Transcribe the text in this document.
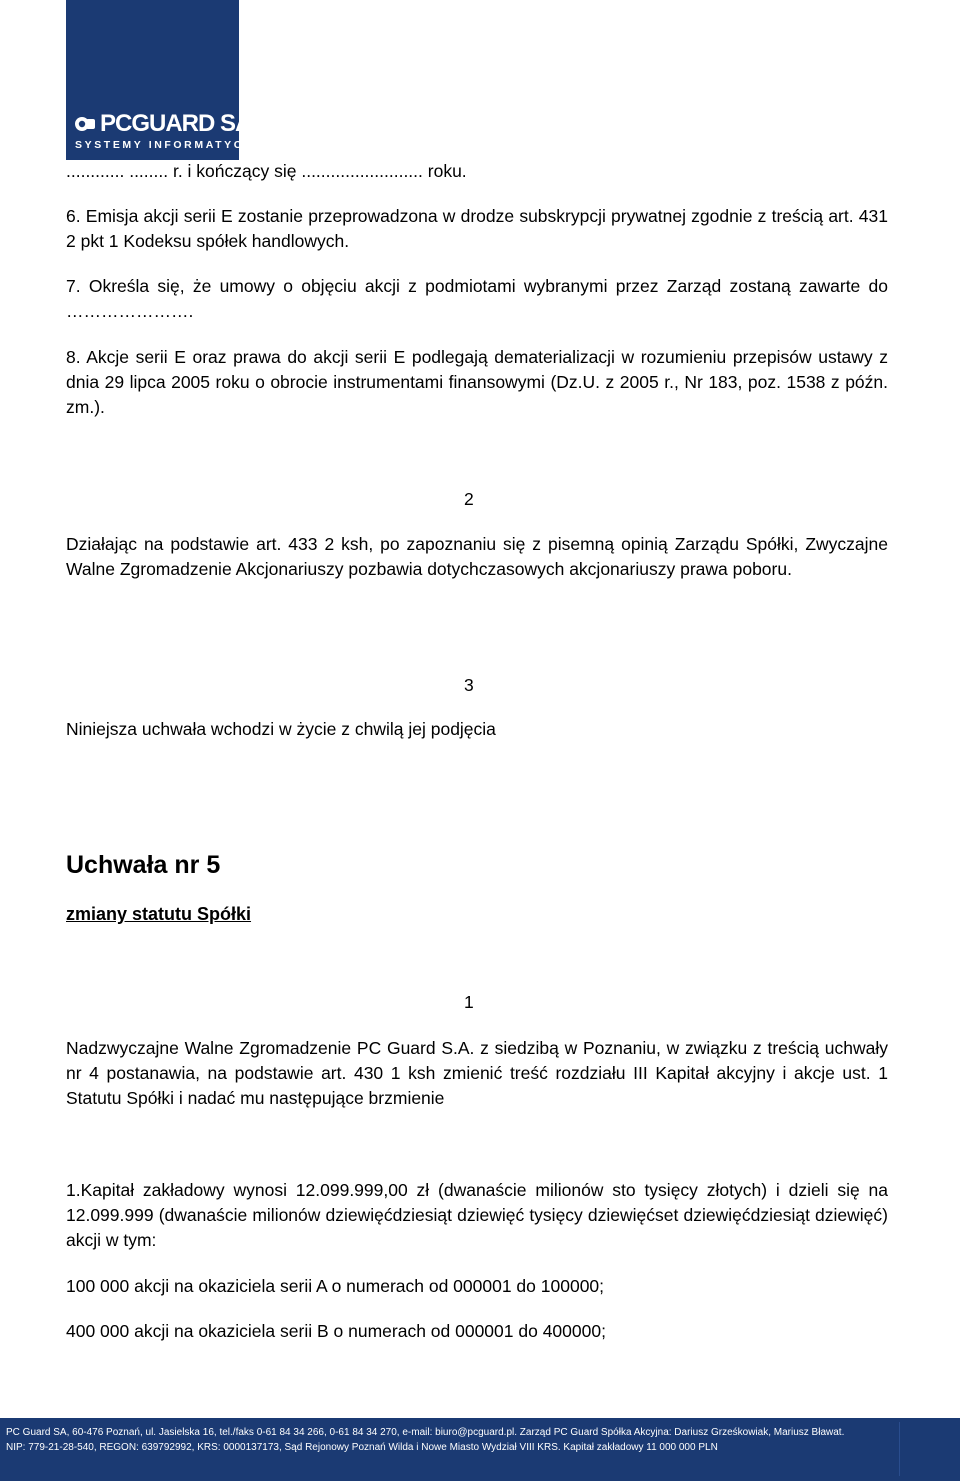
PCGUARD SA
SYSTEMY INFORMATYCZNE

............ ........ r. i kończący się ......................... roku.

6. Emisja akcji serii E zostanie przeprowadzona w drodze subskrypcji prywatnej zgodnie z treścią art. 431 2 pkt 1 Kodeksu spółek handlowych.

7. Określa się, że umowy o objęciu akcji z podmiotami wybranymi przez Zarząd zostaną zawarte do ………………….

8. Akcje serii E oraz prawa do akcji serii E podlegają dematerializacji w rozumieniu przepisów ustawy z dnia 29 lipca 2005 roku o obrocie instrumentami finansowymi (Dz.U. z 2005 r., Nr 183, poz. 1538 z późn. zm.).

2

Działając na podstawie art. 433 2 ksh, po zapoznaniu się z pisemną opinią Zarządu Spółki, Zwyczajne Walne Zgromadzenie Akcjonariuszy pozbawia dotychczasowych akcjonariuszy prawa poboru.

3

Niniejsza uchwała wchodzi w życie z chwilą jej podjęcia

Uchwała nr 5

zmiany statutu Spółki

1

Nadzwyczajne Walne Zgromadzenie PC Guard S.A. z siedzibą w Poznaniu, w związku z treścią uchwały nr 4 postanawia, na podstawie art. 430 1 ksh zmienić treść rozdziału III Kapitał akcyjny i akcje ust. 1 Statutu Spółki i nadać mu następujące brzmienie

1.Kapitał zakładowy wynosi 12.099.999,00 zł (dwanaście milionów sto tysięcy złotych) i dzieli się na 12.099.999 (dwanaście milionów dziewięćdziesiąt dziewięć tysięcy dziewięćset dziewięćdziesiąt dziewięć) akcji w tym:

100 000 akcji na okaziciela serii A o numerach od 000001 do 100000;

400 000 akcji na okaziciela serii B o numerach od 000001 do 400000;

PC Guard SA, 60-476 Poznań, ul. Jasielska 16, tel./faks 0-61 84 34 266, 0-61 84 34 270, e-mail: biuro@pcguard.pl. Zarząd PC Guard Spółka Akcyjna: Dariusz Grześkowiak, Mariusz Bławat.
NIP: 779-21-28-540, REGON: 639792992, KRS: 0000137173, Sąd Rejonowy Poznań Wilda i Nowe Miasto Wydział VIII KRS. Kapitał zakładowy 11 000 000 PLN
